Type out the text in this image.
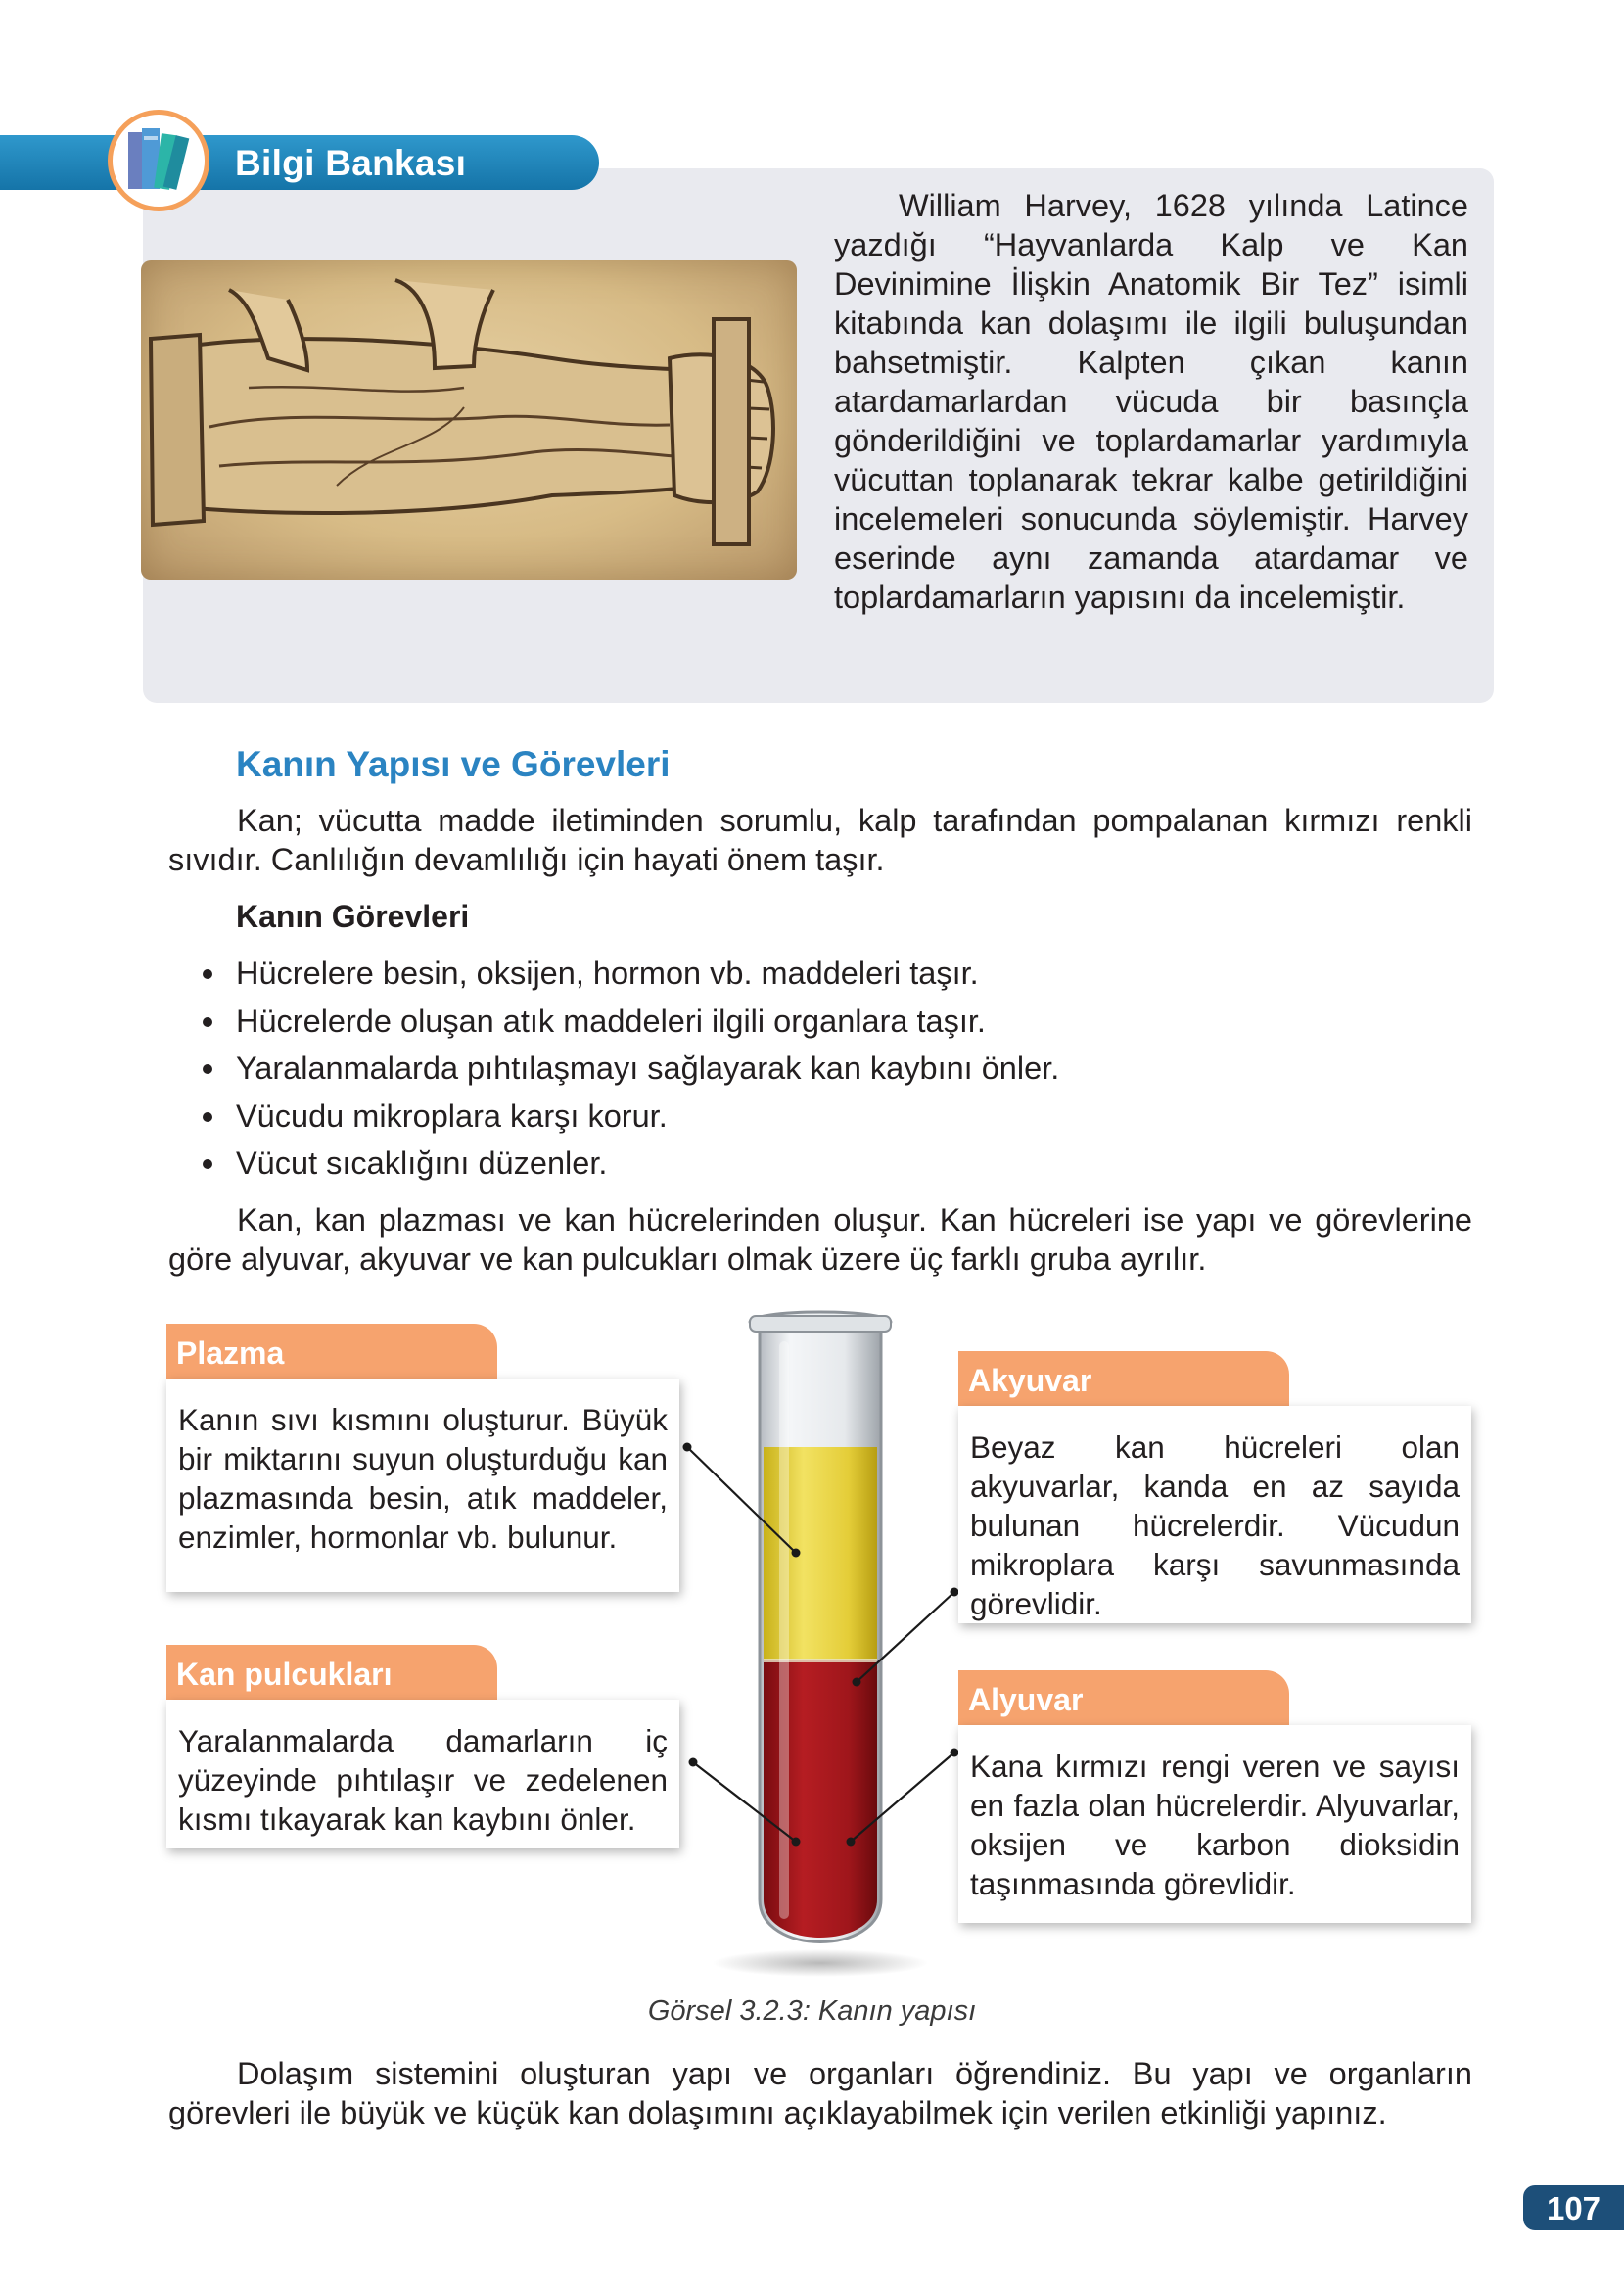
Bilgi Bankası

William Harvey, 1628 yılında Latince yazdığı “Hayvanlarda Kalp ve Kan Devinimine İlişkin Anatomik Bir Tez” isimli kitabında kan dolaşımı ile ilgili buluşundan bahsetmiştir. Kalpten çıkan kanın atardamarlardan vücuda bir basınçla gönderildiğini ve toplardamarlar yardımıyla vücuttan toplanarak tekrar kalbe getirildiğini incelemeleri sonucunda söylemiştir. Harvey eserinde aynı zamanda atardamar ve toplardamarların yapısını da incelemiştir.

Kanın Yapısı ve Görevleri

Kan; vücutta madde iletiminden sorumlu, kalp tarafından pompalanan kırmızı renkli sıvıdır. Canlılığın devamlılığı için hayati önem taşır.

Kanın Görevleri
Hücrelere besin, oksijen, hormon vb. maddeleri taşır.
Hücrelerde oluşan atık maddeleri ilgili organlara taşır.
Yaralanmalarda pıhtılaşmayı sağlayarak kan kaybını önler.
Vücudu mikroplara karşı korur.
Vücut sıcaklığını düzenler.

Kan, kan plazması ve kan hücrelerinden oluşur. Kan hücreleri ise yapı ve görevlerine göre alyuvar, akyuvar ve kan pulcukları olmak üzere üç farklı gruba ayrılır.

Plazma
Kanın sıvı kısmını oluşturur. Büyük bir miktarını suyun oluşturduğu kan plazmasında besin, atık maddeler, enzimler, hormonlar vb. bulunur.
Kan pulcukları
Yaralanmalarda damarların iç yüzeyinde pıhtılaşır ve zedelenen kısmı tıkayarak kan kaybını önler.
Akyuvar
Beyaz kan hücreleri olan akyuvarlar, kanda en az sayıda bulunan hücrelerdir. Vücudun mikroplara karşı savunmasında görevlidir.
Alyuvar
Kana kırmızı rengi veren ve sayısı en fazla olan hücrelerdir. Alyuvarlar, oksijen ve karbon dioksidin taşınmasında görevlidir.
Görsel 3.2.3: Kanın yapısı

Dolaşım sistemini oluşturan yapı ve organları öğrendiniz. Bu yapı ve organların görevleri ile büyük ve küçük kan dolaşımını açıklayabilmek için verilen etkinliği yapınız.

107
